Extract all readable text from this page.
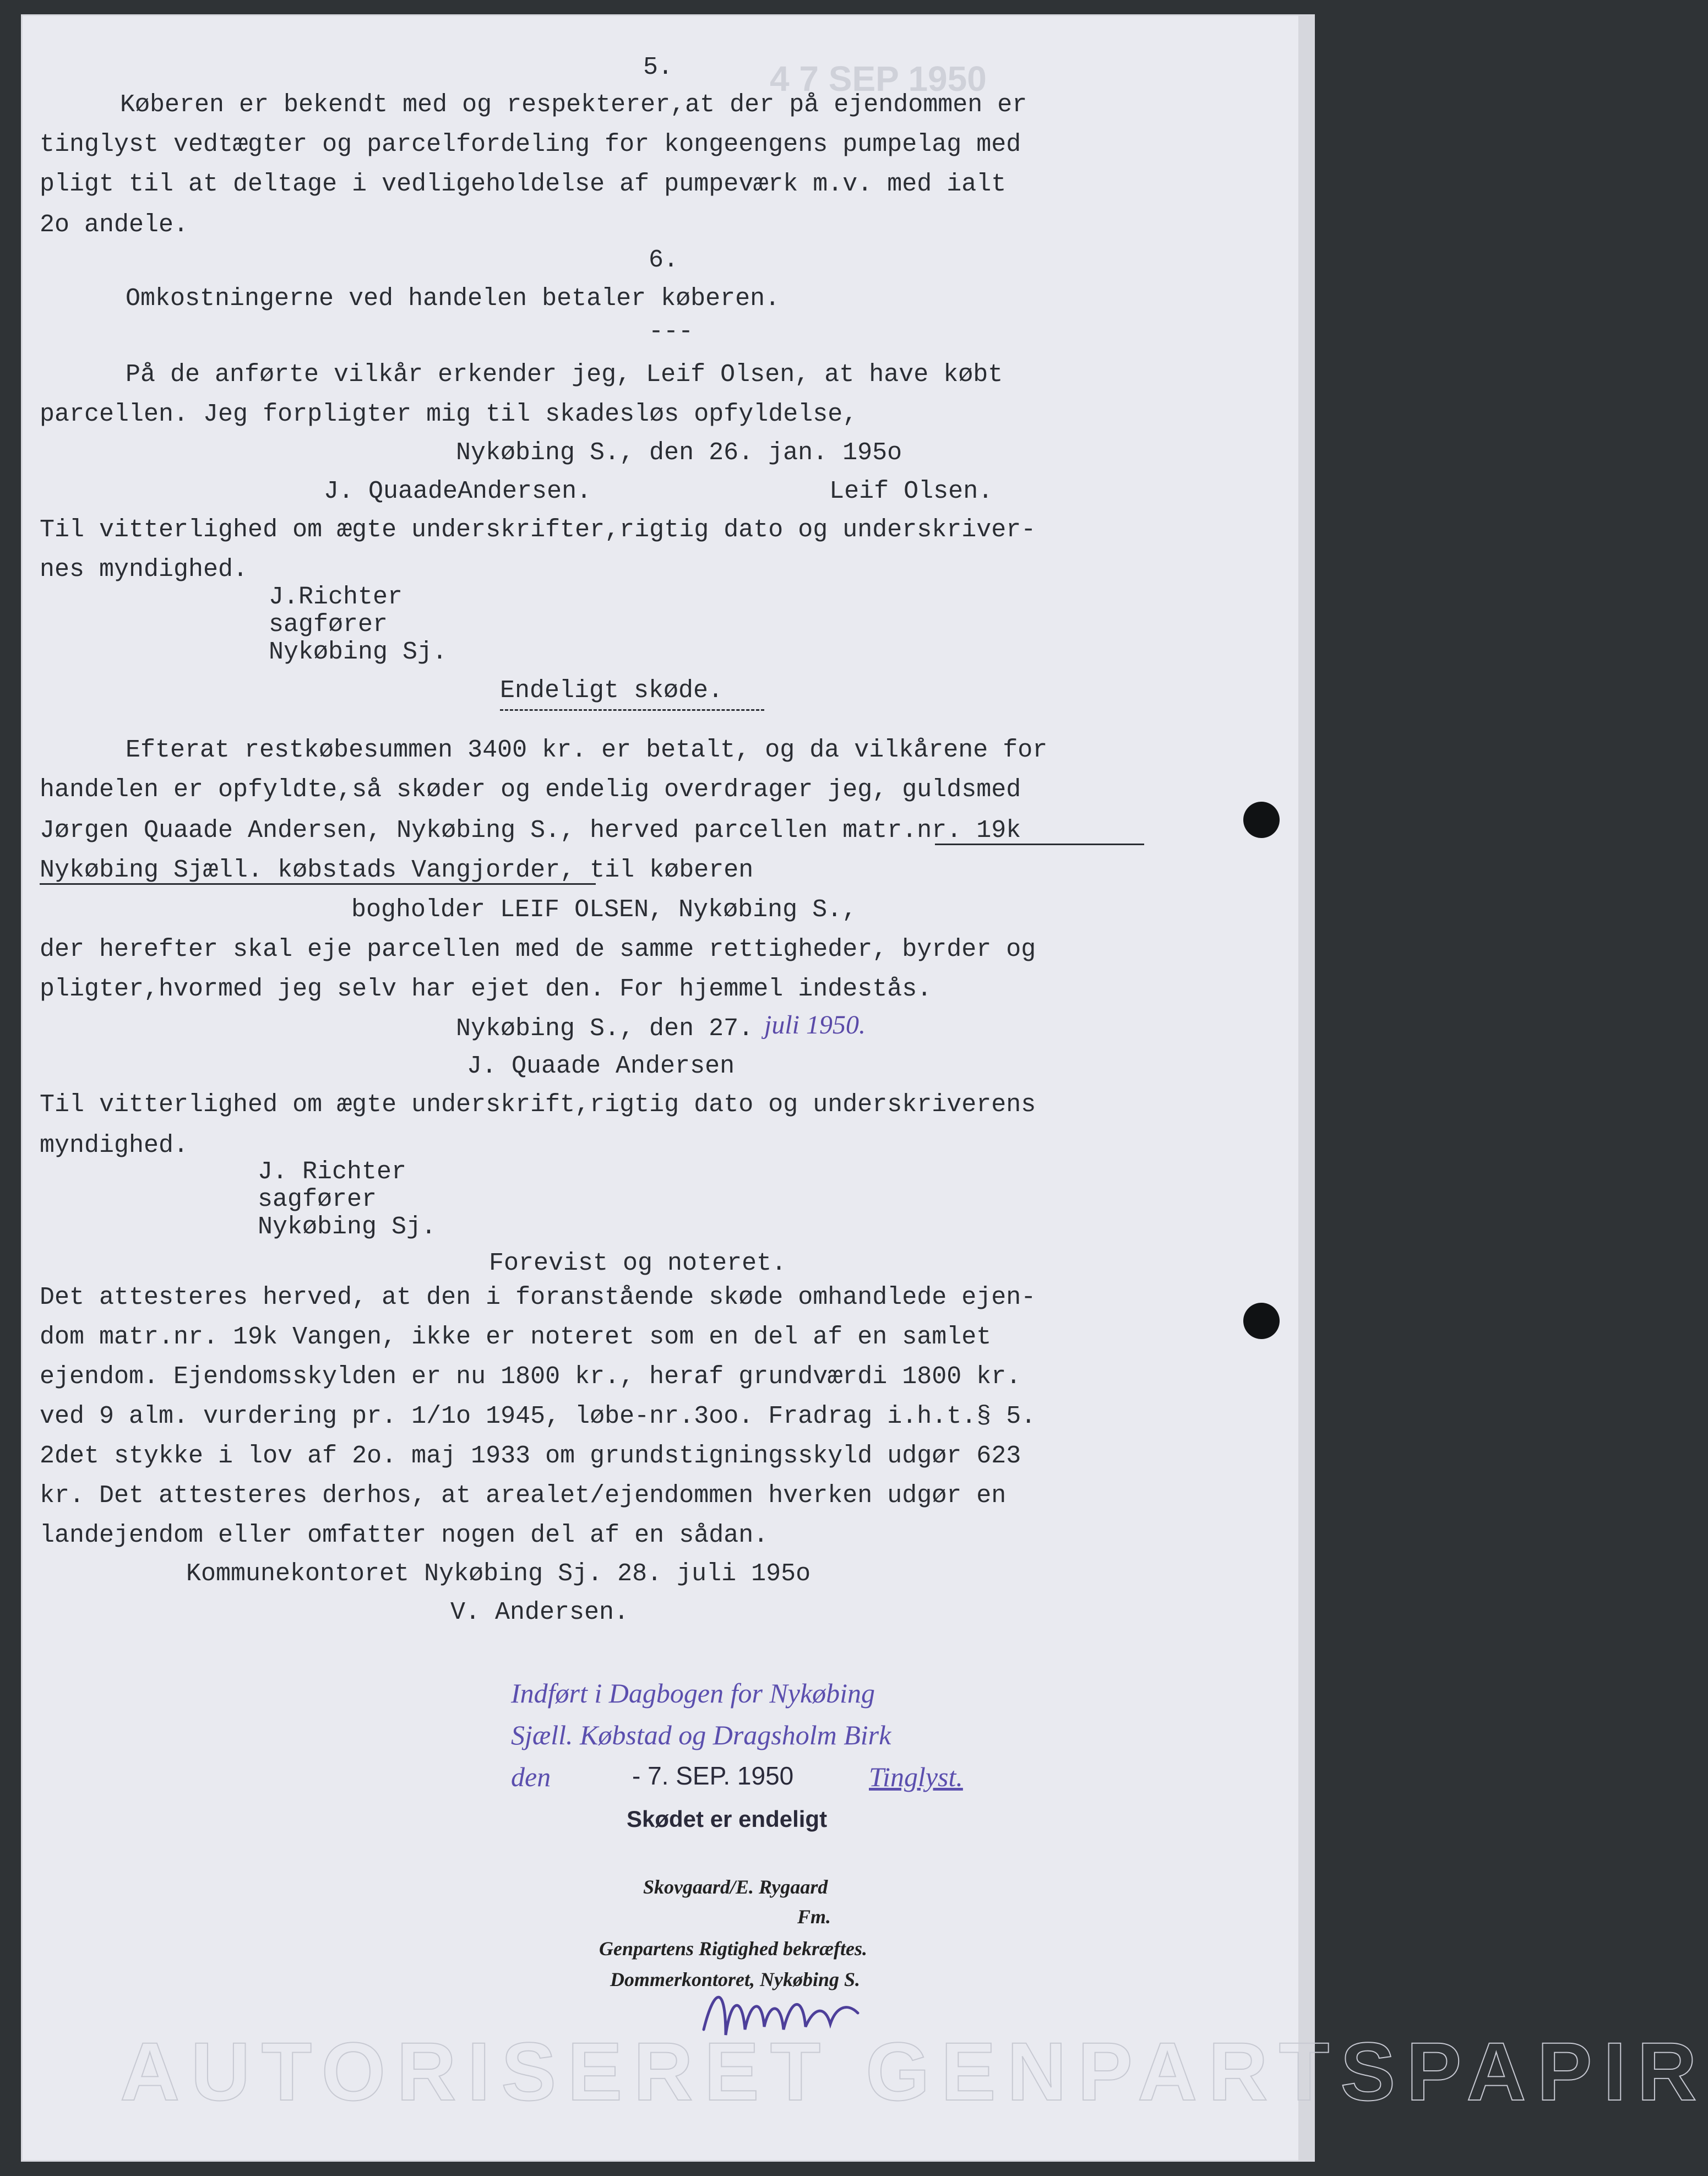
4 7 SEP 1950
AUTORISERET GENPARTSPAPIR

5.

Køberen er bekendt med og respekterer,at der på ejendommen er

tinglyst vedtægter og parcelfordeling for kongeengens pumpelag med

pligt til at deltage i vedligeholdelse af pumpeværk m.v. med ialt

2o andele.

6.

Omkostningerne ved handelen betaler køberen.

---

På de anførte vilkår erkender jeg, Leif Olsen, at have købt

parcellen. Jeg forpligter mig til skadesløs opfyldelse,

Nykøbing S., den 26. jan. 195o

J. QuaadeAndersen.                Leif Olsen.

Til vitterlighed om ægte underskrifter,rigtig dato og underskriver-

nes myndighed.

J.Richter

sagfører

Nykøbing Sj.

Endeligt skøde.

Efterat restkøbesummen 3400 kr. er betalt, og da vilkårene for

handelen er opfyldte,så skøder og endelig overdrager jeg, guldsmed

Jørgen Quaade Andersen, Nykøbing S., herved parcellen matr.nr. 19k

Nykøbing Sjæll. købstads Vangjorder, til køberen

bogholder LEIF OLSEN, Nykøbing S.,

der herefter skal eje parcellen med de samme rettigheder, byrder og

pligter,hvormed jeg selv har ejet den. For hjemmel indestås.

Nykøbing S., den 27. juli 1950.

J. Quaade Andersen

Til vitterlighed om ægte underskrift,rigtig dato og underskriverens

myndighed.

J. Richter

sagfører

Nykøbing Sj.

Forevist og noteret.

Det attesteres herved, at den i foranstående skøde omhandlede ejen-

dom matr.nr. 19k Vangen, ikke er noteret som en del af en samlet

ejendom. Ejendomsskylden er nu 1800 kr., heraf grundværdi 1800 kr.

ved 9 alm. vurdering pr. 1/1o 1945, løbe-nr.3oo. Fradrag i.h.t.§ 5.

2det stykke i lov af 2o. maj 1933 om grundstigningsskyld udgør 623

kr. Det attesteres derhos, at arealet/ejendommen hverken udgør en

landejendom eller omfatter nogen del af en sådan.

Kommunekontoret Nykøbing Sj. 28. juli 195o

V. Andersen.

Indført i Dagbogen for Nykøbing
Sjæll. Købstad og Dragsholm Birk
den	- 7. SEP. 1950	Tinglyst.
Skødet er endeligt
Skovgaard/E. Rygaard
Fm.
Genpartens Rigtighed bekræftes.
Dommerkontoret, Nykøbing S.
